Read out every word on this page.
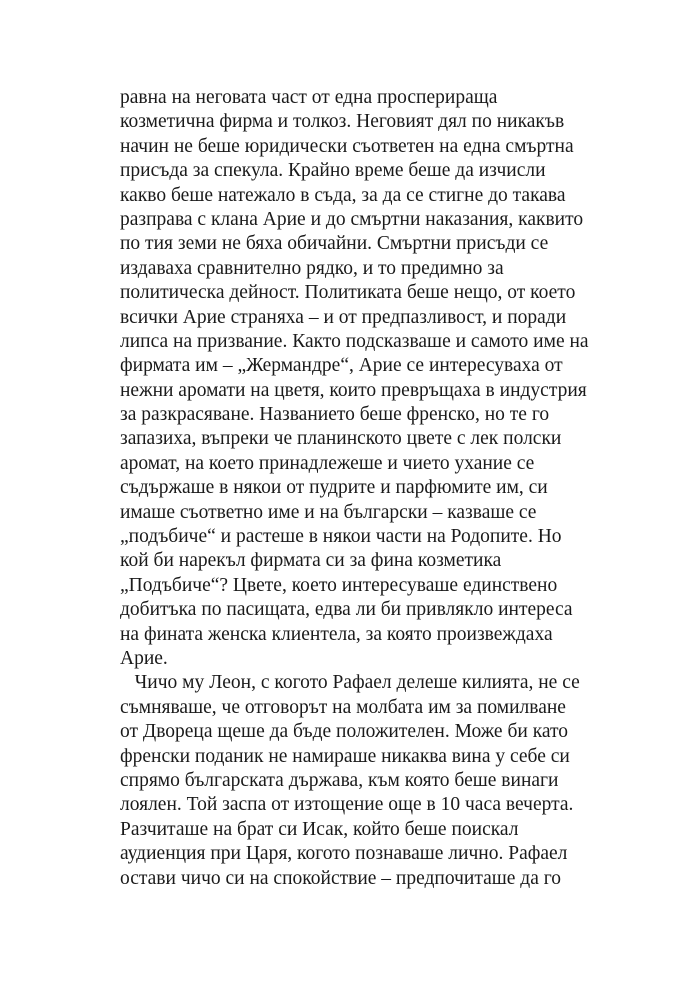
равна на неговата част от една просперираща
козметична фирма и толкоз. Неговият дял по никакъв
начин не беше юридически съответен на една смъртна
присъда за спекула. Крайно време беше да изчисли
какво беше натежало в съда, за да се стигне до такава
разправа с клана Арие и до смъртни наказания, каквито
по тия земи не бяха обичайни. Смъртни присъди се
издаваха сравнително рядко, и то предимно за
политическа дейност. Политиката беше нещо, от което
всички Арие страняха – и от предпазливост, и поради
липса на призвание. Както подсказваше и самото име на
фирмата им – „Жермандре“, Арие се интересуваха от
нежни аромати на цветя, които превръщаха в индустрия
за разкрасяване. Названието беше френско, но те го
запазиха, въпреки че планинското цвете с лек полски
аромат, на което принадлежеше и чието ухание се
съдържаше в някои от пудрите и парфюмите им, си
имаше съответно име и на български – казваше се
„подъбиче“ и растеше в някои части на Родопите. Но
кой би нарекъл фирмата си за фина козметика
„Подъбиче“? Цвете, което интересуваше единствено
добитъка по пасищата, едва ли би привлякло интереса
на фината женска клиентела, за която произвеждаха
Арие.
Чичо му Леон, с когото Рафаел делеше килията, не се
съмняваше, че отговорът на молбата им за помилване
от Двореца щеше да бъде положителен. Може би като
френски поданик не намираше никаква вина у себе си
спрямо българската държава, към която беше винаги
лоялен. Той заспа от изтощение още в 10 часа вечерта.
Разчиташе на брат си Исак, който беше поискал
аудиенция при Царя, когото познаваше лично. Рафаел
остави чичо си на спокойствие – предпочиташе да го
